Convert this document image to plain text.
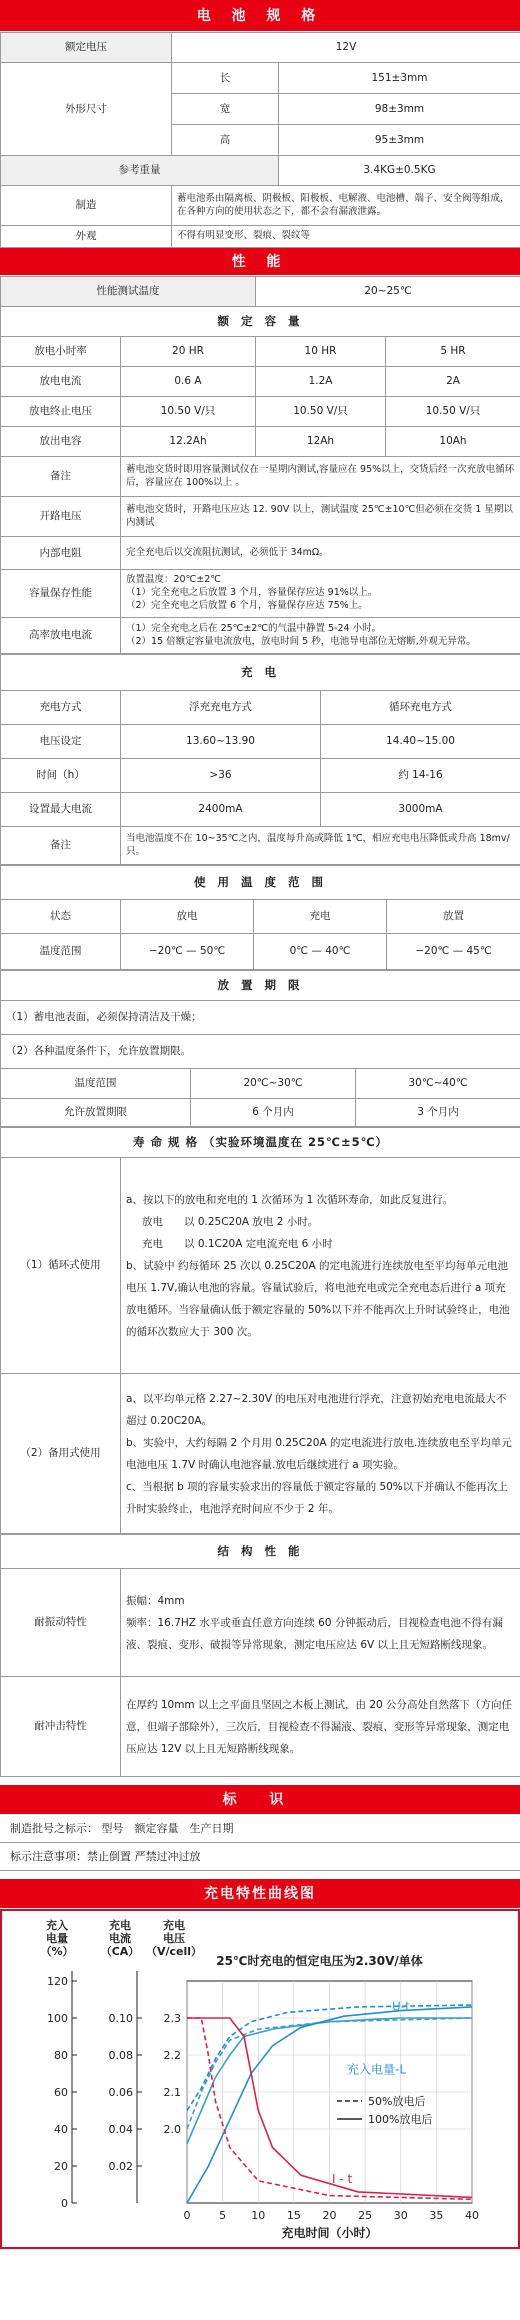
电 池 规 格
额定电压	12V	
外形尺寸	长	151±3mm
	宽	98±3mm
	高	95±3mm
参考重量		3.4KG±0.5KG
制造	蓄电池系由隔离板、阴极板、阳极板、电解液、电池槽、端子、安全阀等组成，在各种方向的使用状态之下，都不会有漏液泄露。	
外观	不得有明显变形、裂痕、裂纹等	
性 能
性能测试温度		20~25℃	
额 定 容 量			
放电小时率	20 HR	10 HR	5 HR
放电电流	0.6 A	1.2A	2A
放电终止电压	10.50 V/只	10.50 V/只	10.50 V/只
放出电容	12.2Ah	12Ah	10Ah
备注	蓄电池交货时即用容量测试仪在一星期内测试,容量应在 95%以上，交货后经一次充放电循环后，容量应在 100%以上 。		
开路电压	蓄电池交货时，开路电压应达 12. 90V 以上，测试温度 25℃±10℃但必须在交货 1 星期以内测试		
内部电阻	完全充电后以交流阻抗测试，必须低于 34mΩ。		
容量保存性能	放置温度：20℃±2℃
（1）完全充电之后放置 3 个月，容量保存应达 91%以上。
（2）完全充电之后放置 6 个月，容量保存应达 75%上。		

高率放电电流	（1）完全充电之后在 25℃±2℃的气温中静置 5-24 小时。
（2）15 倍额定容量电流放电，放电时间 5 秒，电池导电部位无熔断,外观无异常。		
充 电		
充电方式	浮充充电方式	循环充电方式
电压设定	13.60~13.90	14.40~15.00
时间（h）	>36	约 14-16
设置最大电流	2400mA	3000mA
备注	当电池温度不在 10~35℃之内，温度每升高或降低 1℃，相应充电电压降低或升高 18mv/只。	
使 用 温 度 范 围			
状态	放电	充电	放置
温度范围	−20℃ — 50℃	0℃ — 40℃	−20℃ — 45℃
放 置 期 限		
（1）蓄电池表面，必须保持清洁及干燥；		
（2）各种温度条件下，允许放置期限。		
温度范围	20℃~30℃	30℃~40℃
允许放置期限	6 个月内	3 个月内
寿 命 规 格 （实验环境温度在 25℃±5℃）	
（1）循环式使用	a、按以下的放电和充电的 1 次循环为 1 次循环寿命，如此反复进行。

放电　　以 0.25C20A 放电 2 小时。

充电　　以 0.1C20A 定电流充电 6 小时

b、试验中 约每循环 25 次以 0.25C20A 的定电流进行连续放电至平均每单元电池电压 1.7V,确认电池的容量。容量试验后，将电池充电或完全充电态后进行 a 项充放电循环。当容量确认低于额定容量的 50%以下并不能再次上升时试验终止，电池的循环次数应大于 300 次。

（2）备用式使用	a、以平均单元格 2.27~2.30V 的电压对电池进行浮充，注意初始充电电流最大不超过 0.20C20A。

b、实验中，大约每隔 2 个月用 0.25C20A 的定电流进行放电.连续放电至平均单元电池电压 1.7V 时确认电池容量.放电后继续进行 a 项实验。

c、当根据 b 项的容量实验求出的容量低于额定容量的 50%以下并确认不能再次上升时实验终止，电池浮充时间应不少于 2 年。

结 构 性 能	
耐振动特性	振幅：4mm

频率：16.7HZ 水平或垂直任意方向连续 60 分钟振动后，目视检查电池不得有漏液、裂痕、变形、破损等异常现象，测定电压应达 6V 以上且无短路断线现象。

耐冲击特性	在厚约 10mm 以上之平面且坚固之木板上测试，由 20 公分高处自然落下（方向任意，但端子部除外），三次后，目视检查不得漏液、裂痕、变形等异常现象，测定电压应达 12V 以上且无短路断线现象。

标 识
制造批号之标示： 型号　额定容量　生产日期
标示注意事项：禁止倒置 严禁过冲过放
充电特性曲线图
充入
电量
（%）
充电
电流
（CA）
充电
电压
（V/cell）
0
20
40
60
80
100
120
0.02
0.04
0.06
0.08
0.10
2.0
2.1
2.2
2.3
0	5 10 15 20 25 30 35 40
充电时间（小时）
25℃时充电的恒定电压为2.30V/单体
U-t
充入电量-L
I - t
50%放电后
100%放电后
